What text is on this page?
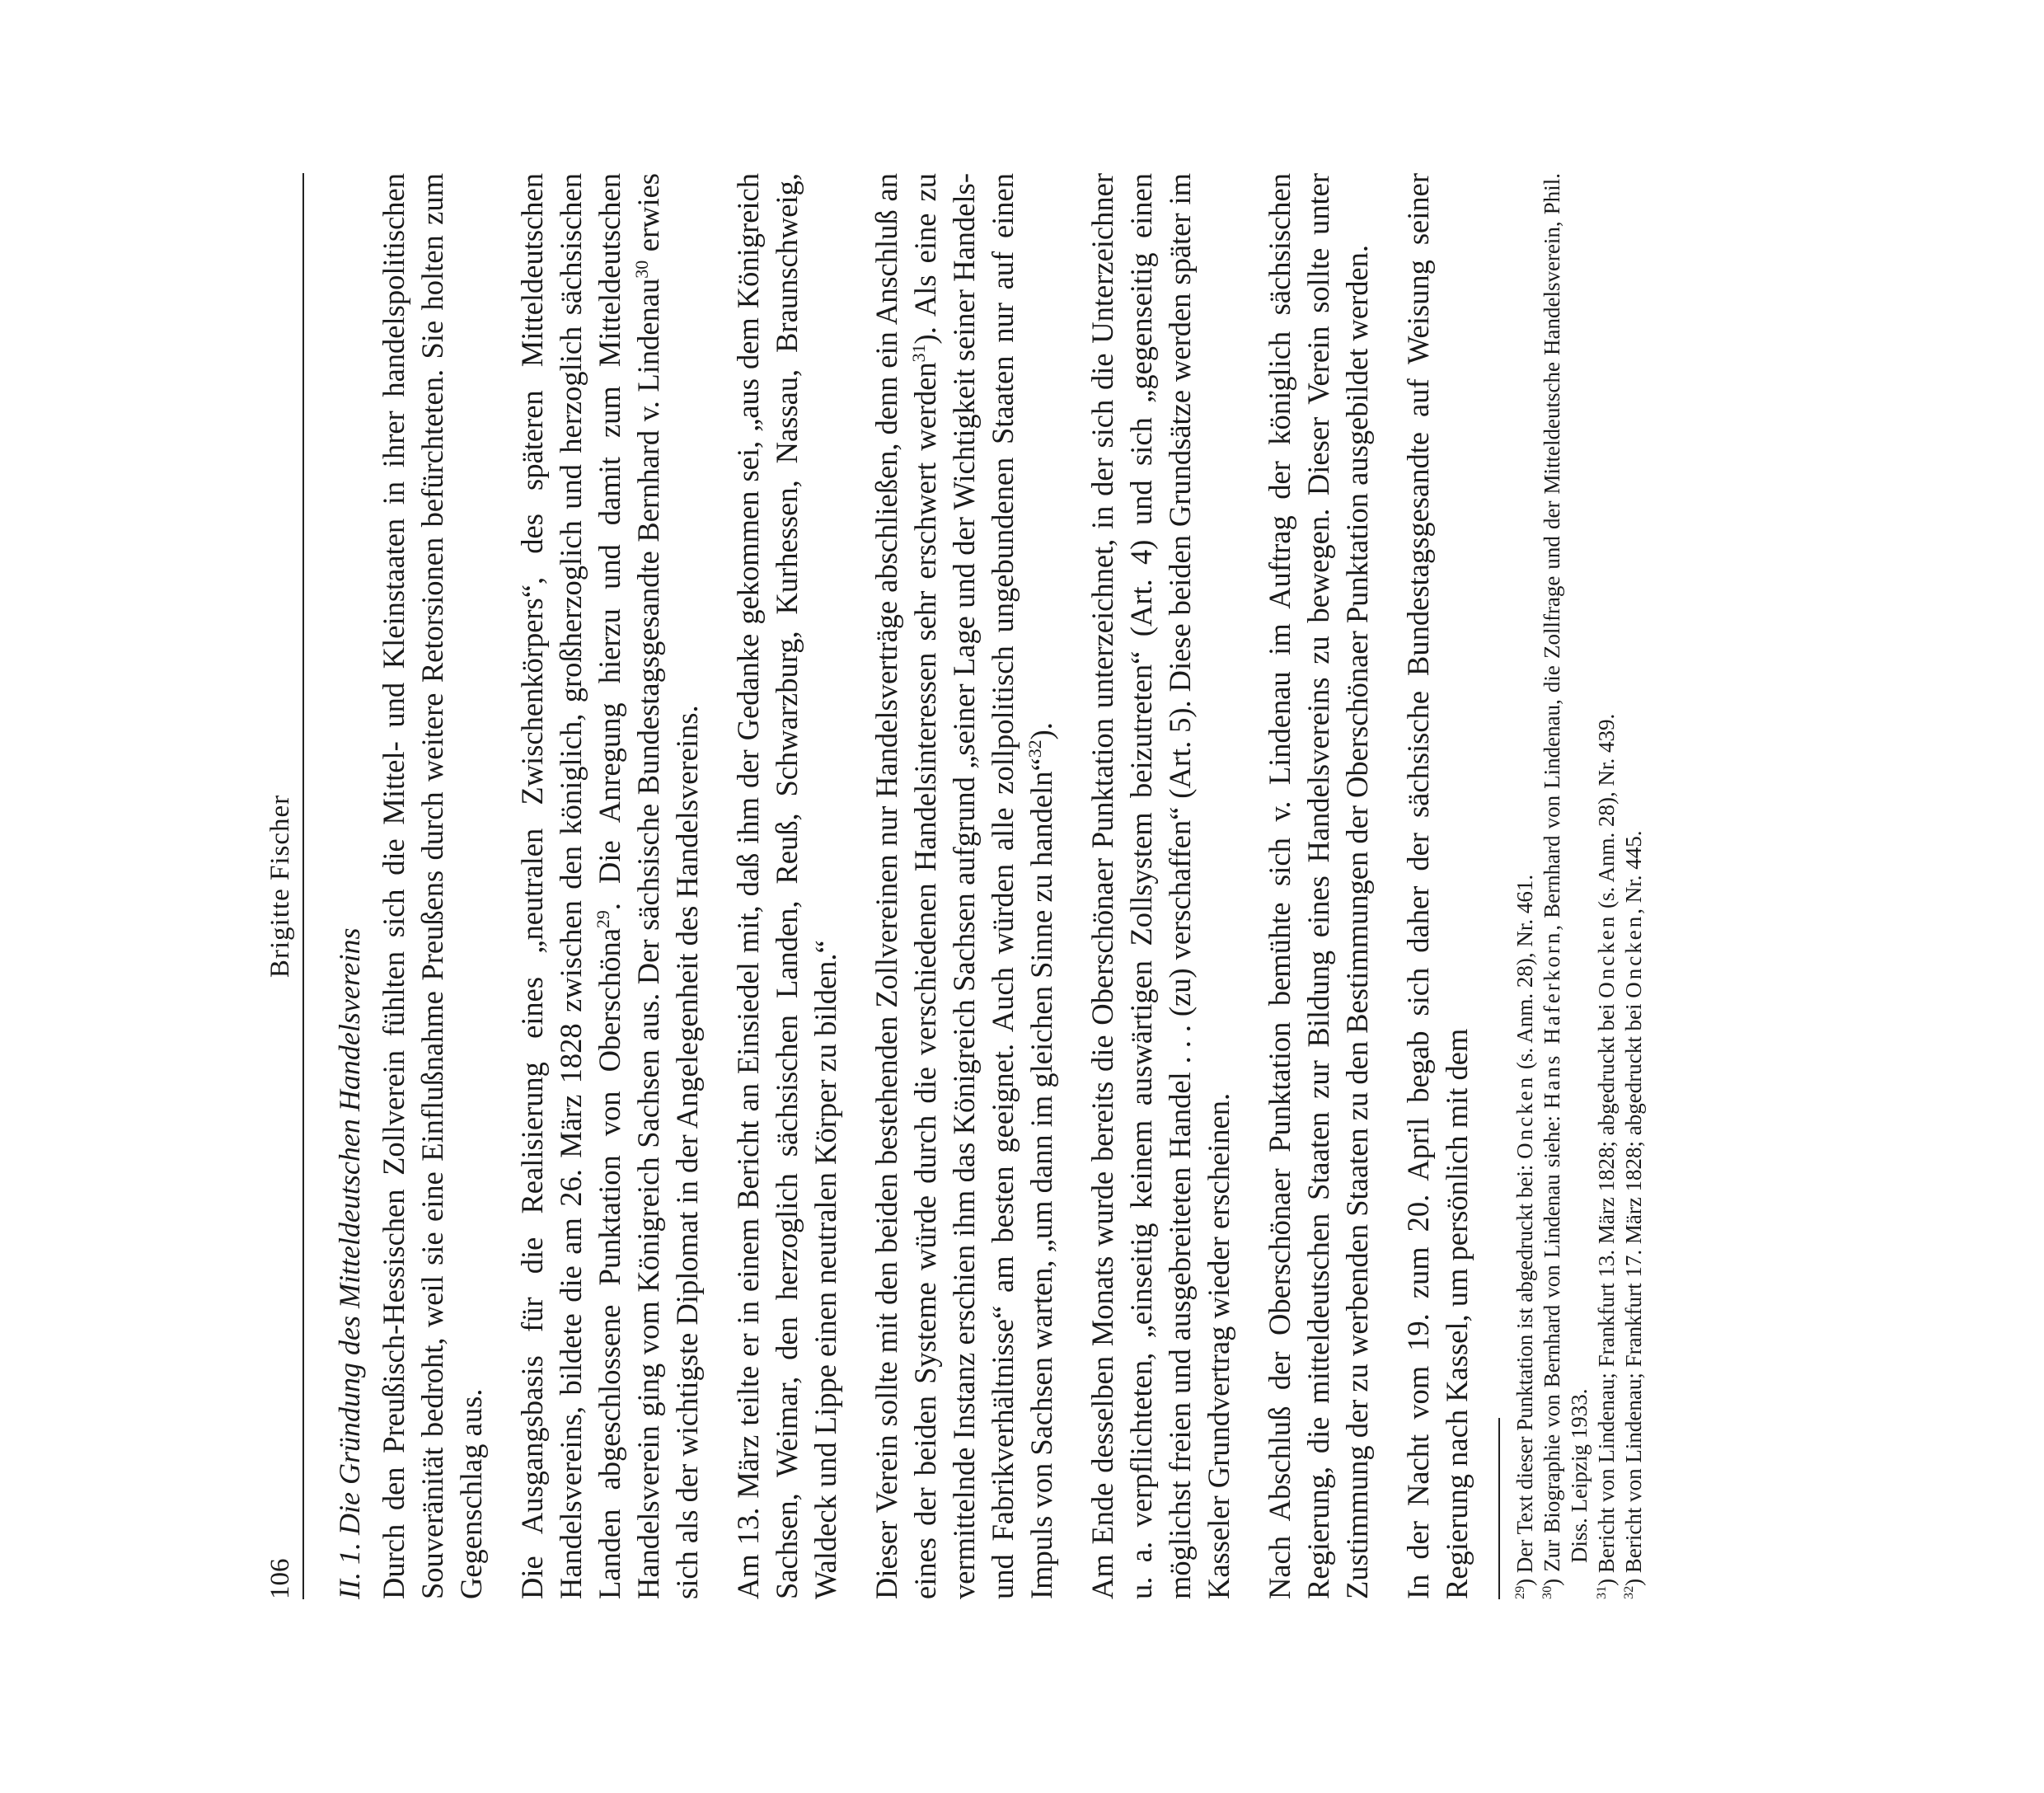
106
Brigitte Fischer
II. 1. Die Gründung des Mitteldeutschen Handelsvereins Durch den Preußisch-Hessischen Zollverein fühlten sich die Mittel- und Kleinstaaten in ihrer handelspolitischen Souveränität bedroht, weil sie eine Einflußnahme Preußens durch weitere Retorsionen befürchteten. Sie holten zum Gegenschlag aus. Die Ausgangsbasis für die Realisierung eines „neutralen Zwischenkörpers“, des späteren Mitteldeutschen Handelsvereins, bildete die am 26. März 1828 zwischen den königlich, großherzoglich und herzoglich sächsischen Landen abgeschlossene Punktation von Oberschöna$^{29}$. Die Anregung hierzu und damit zum Mitteldeutschen Handelsverein ging vom Königreich Sachsen aus. Der sächsische Bundestagsgesandte Bernhard v. Lindenau$^{30}$ erwies sich als der wichtigste Diplomat in der Angelegenheit des Handelsvereins. Am 13. März teilte er in einem Bericht an Einsiedel mit, daß ihm der Gedanke gekommen sei, „aus dem Königreich Sachsen, Weimar, den herzoglich sächsischen Landen, Reuß, Schwarzburg, Kurhessen, Nassau, Braunschweig, Waldeck und Lippe einen neutralen Körper zu bilden.“ Dieser Verein sollte mit den beiden bestehenden Zollvereinen nur Handelsverträge abschließen, denn ein Anschluß an eines der beiden Systeme würde durch die verschiedenen Handelsinteressen sehr erschwert werden$^{31}$). Als eine zu vermittelnde Instanz erschien ihm das Königreich Sachsen aufgrund „seiner Lage und der Wichtigkeit seiner Handels- und Fabrikverhältnisse“ am besten geeignet. Auch würden alle zollpolitisch ungebundenen Staaten nur auf einen Impuls von Sachsen warten, „um dann im gleichen Sinne zu handeln“$^{32}$). Am Ende desselben Monats wurde bereits die Oberschönaer Punktation unterzeichnet, in der sich die Unterzeichner u. a. verpflichteten, „einseitig keinem auswärtigen Zollsystem beizutreten“ (Art. 4) und sich „gegenseitig einen möglichst freien und ausgebreiteten Handel . . . (zu) verschaffen“ (Art. 5). Diese beiden Grundsätze werden später im Kasseler Grundvertrag wieder erscheinen. Nach Abschluß der Oberschönaer Punktation bemühte sich v. Lindenau im Auftrag der königlich sächsischen Regierung, die mitteldeutschen Staaten zur Bildung eines Handelsvereins zu bewegen. Dieser Verein sollte unter Zustimmung der zu werbenden Staaten zu den Bestimmungen der Oberschönaer Punktation ausgebildet werden. In der Nacht vom 19. zum 20. April begab sich daher der sächsische Bundestagsgesandte auf Weisung seiner Regierung nach Kassel, um persönlich mit dem	$^{29}$) Der Text dieser Punktation ist abgedruckt bei: Oncken (s. Anm. 28), Nr. 461.

$^{30}$) Zur Biographie von Bernhard von Lindenau siehe: Hans Haferkorn, Bernhard von Lindenau, die Zollfrage und der Mitteldeutsche Handelsverein, Phil. Diss. Leipzig 1933.

$^{31}$) Bericht von Lindenau; Frankfurt 13. März 1828; abgedruckt bei Oncken (s. Anm. 28), Nr. 439.

$^{32}$) Bericht von Lindenau; Frankfurt 17. März 1828; abgedruckt bei Oncken, Nr. 445.
